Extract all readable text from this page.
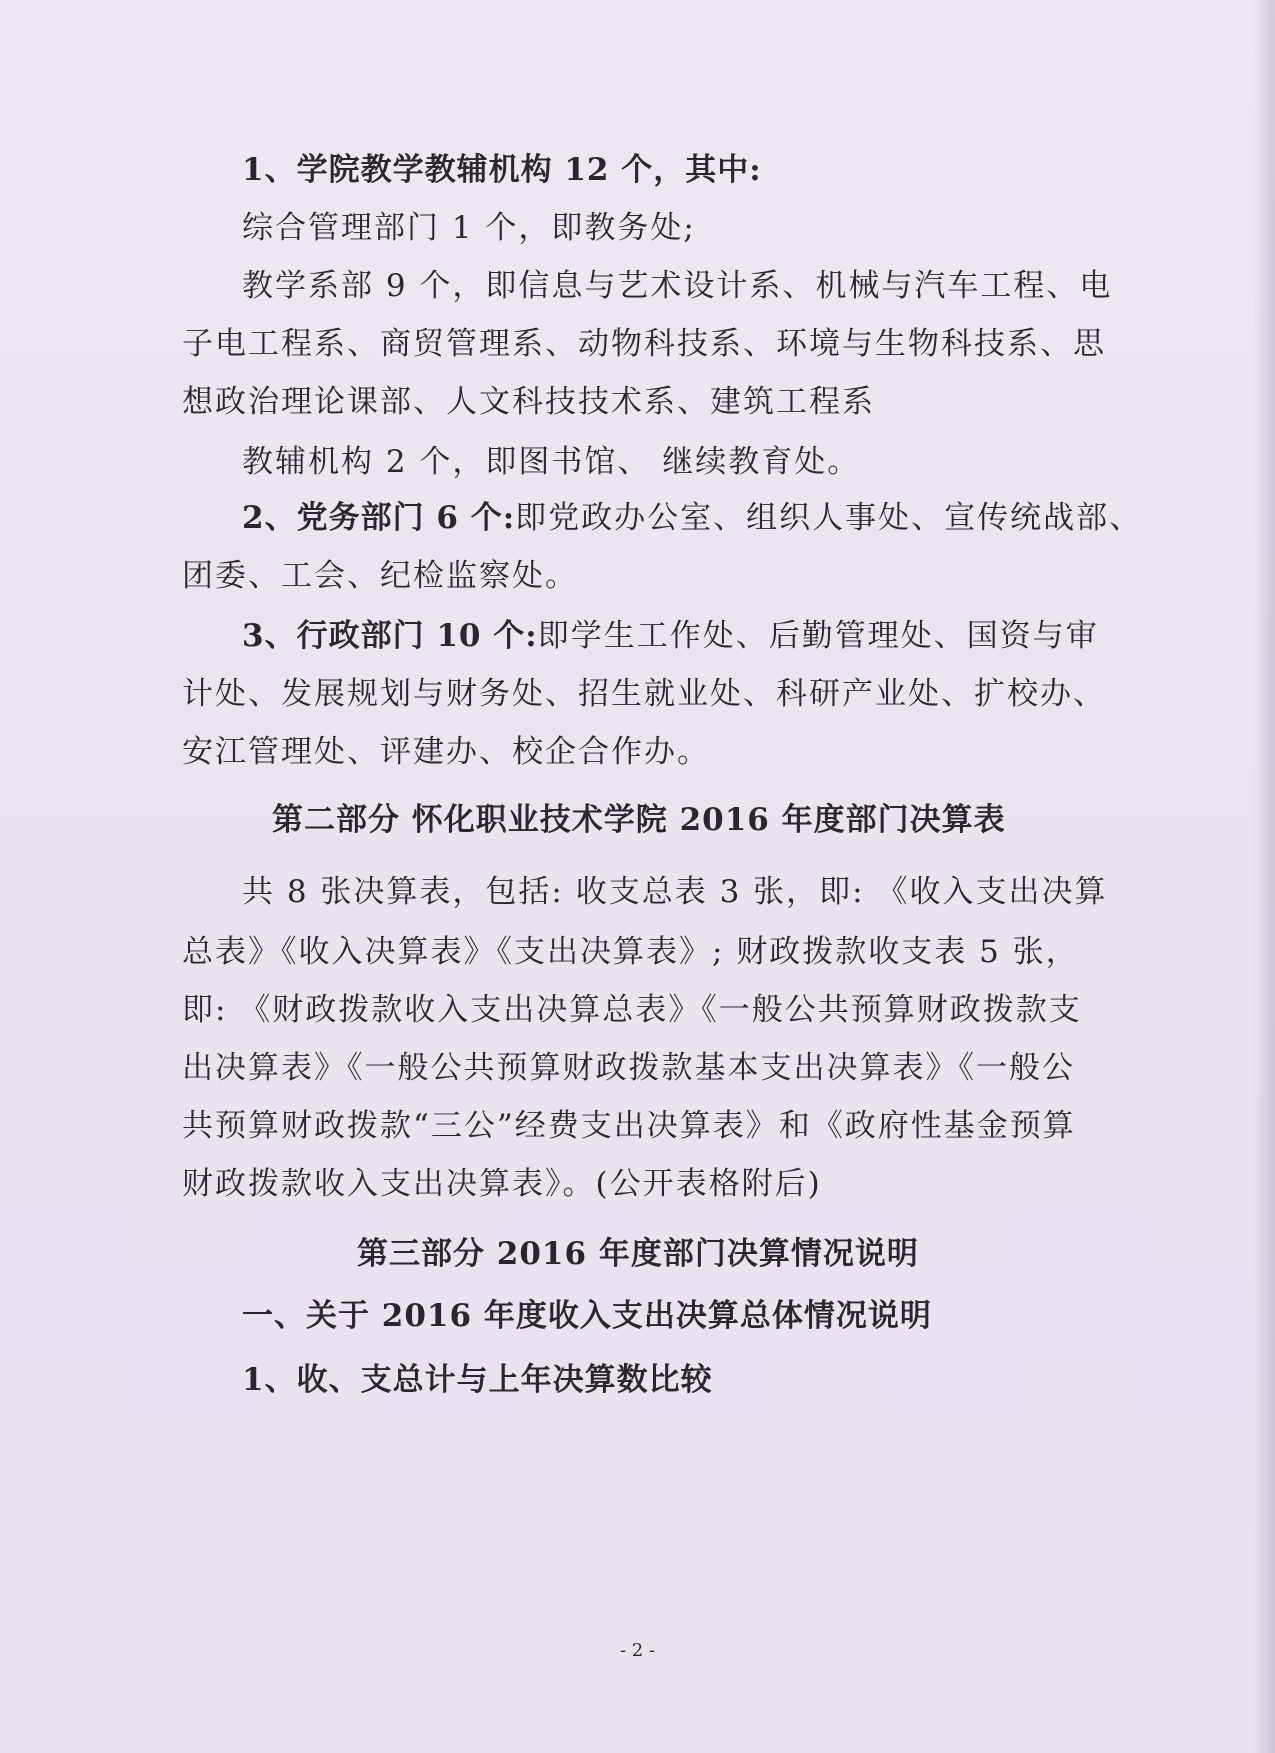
1、学院教学教辅机构 12 个，其中:
综合管理部门 1 个，即教务处;
教学系部 9 个，即信息与艺术设计系、机械与汽车工程、电
子电工程系、商贸管理系、动物科技系、环境与生物科技系、思
想政治理论课部、人文科技技术系、建筑工程系
教辅机构 2 个，即图书馆、 继续教育处。
2、党务部门 6 个:即党政办公室、组织人事处、宣传统战部、
团委、工会、纪检监察处。
3、行政部门 10 个:即学生工作处、后勤管理处、国资与审
计处、发展规划与财务处、招生就业处、科研产业处、扩校办、
安江管理处、评建办、校企合作办。
第二部分 怀化职业技术学院 2016 年度部门决算表
共 8 张决算表，包括: 收支总表 3 张，即: 《收入支出决算
总表》《收入决算表》《支出决算表》; 财政拨款收支表 5 张，
即: 《财政拨款收入支出决算总表》《一般公共预算财政拨款支
出决算表》《一般公共预算财政拨款基本支出决算表》《一般公
共预算财政拨款“三公”经费支出决算表》和《政府性基金预算
财政拨款收入支出决算表》。(公开表格附后)
第三部分 2016 年度部门决算情况说明
一、关于 2016 年度收入支出决算总体情况说明
1、收、支总计与上年决算数比较
- 2 -
